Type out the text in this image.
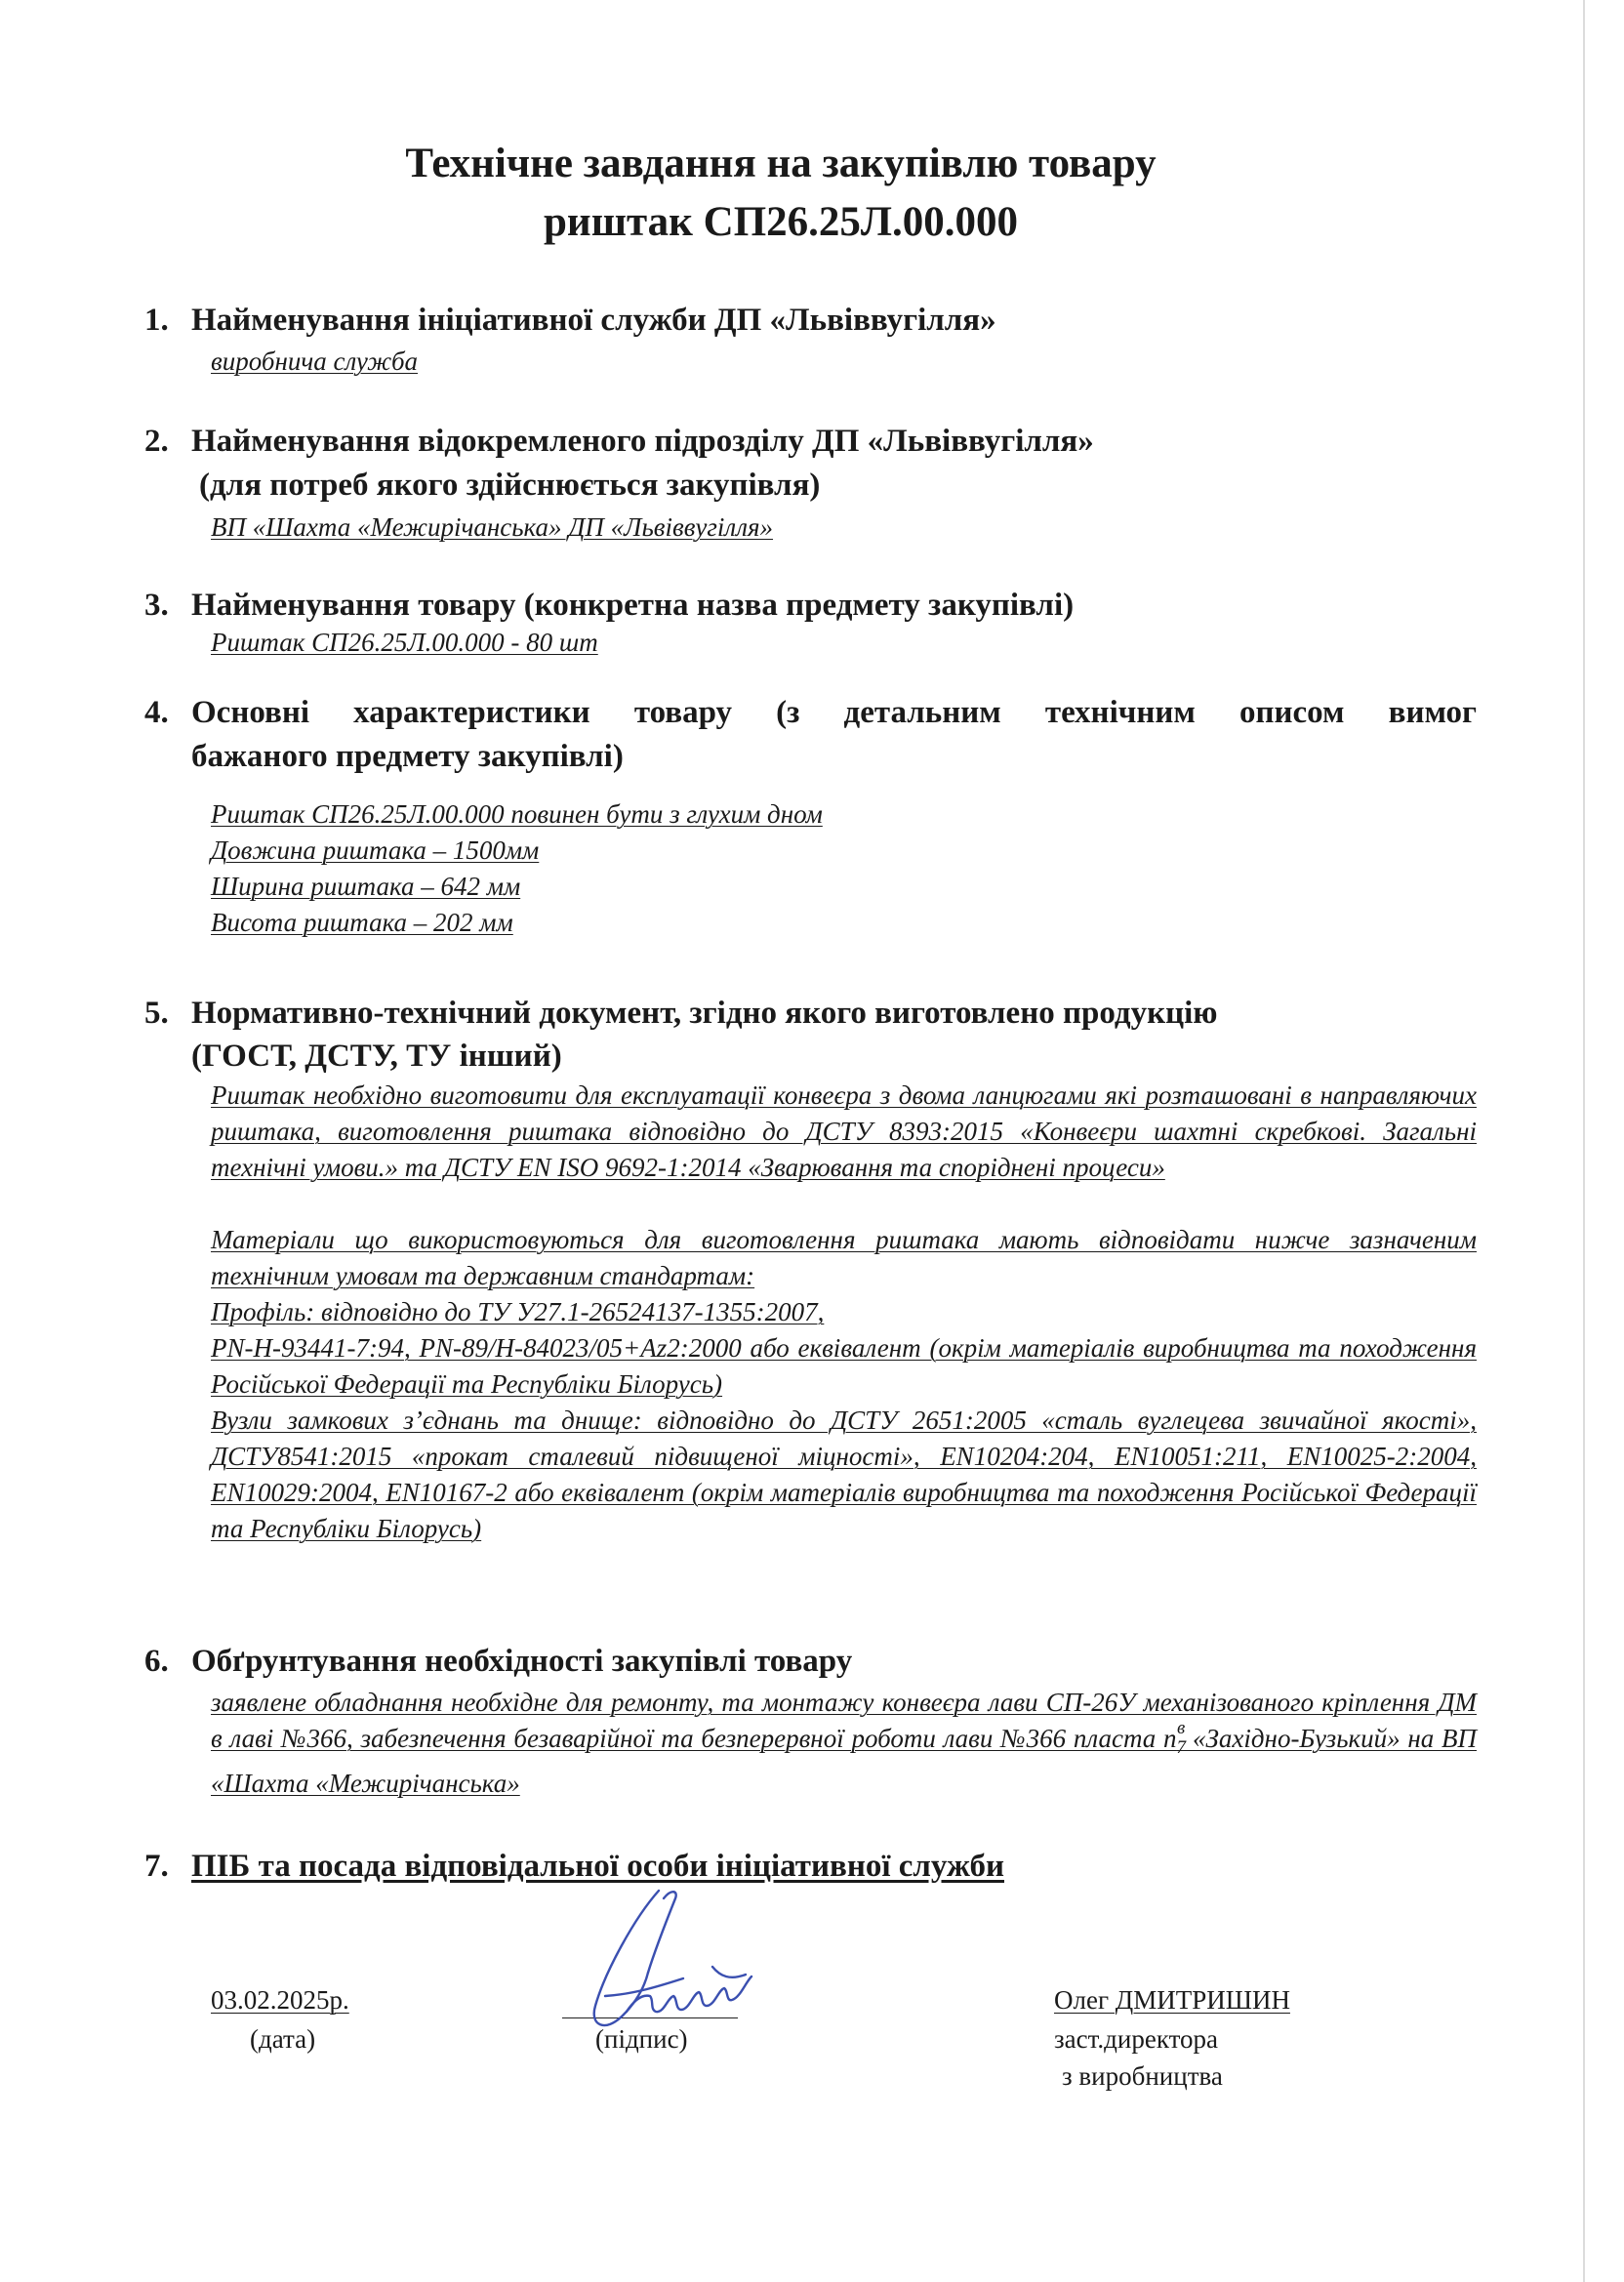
Технічне завдання на закупівлю товару
риштак СП26.25Л.00.000
1. Найменування ініціативної служби ДП «Львіввугілля»
виробнича служба
2. Найменування відокремленого підрозділу ДП «Львіввугілля»
(для потреб якого здійснюється закупівля)
ВП «Шахта «Межирічанська» ДП «Львіввугілля»
3. Найменування товару (конкретна назва предмету закупівлі)
Риштак СП26.25Л.00.000 - 80 шт
4. Основні характеристики товару (з детальним технічним описом вимог
бажаного предмету закупівлі)
Риштак СП26.25Л.00.000 повинен бути з глухим дном
Довжина риштака – 1500мм
Ширина риштака – 642 мм
Висота риштака – 202 мм
5. Нормативно-технічний документ, згідно якого виготовлено продукцію
(ГОСТ, ДСТУ, ТУ інший)
Риштак необхідно виготовити для експлуатації конвеєра з двома ланцюгами які розташовані в направляючих риштака, виготовлення риштака відповідно до ДСТУ 8393:2015 «Конвеєри шахтні скребкові. Загальні технічні умови.» та ДСТУ EN ISO 9692-1:2014 «Зварювання та споріднені процеси»
Матеріали що використовуються для виготовлення риштака мають відповідати нижче зазначеним технічним умовам та державним стандартам:
Профіль: відповідно до ТУ У27.1-26524137-1355:2007,
PN-H-93441-7:94, PN-89/H-84023/05+Az2:2000 або еквівалент (окрім матеріалів виробництва та походження Російської Федерації та Республіки Білорусь)
Вузли замкових з’єднань та днище: відповідно до ДСТУ 2651:2005 «сталь вуглецева звичайної якості», ДСТУ8541:2015 «прокат сталевий підвищеної міцності», EN10204:204, EN10051:211, EN10025-2:2004, EN10029:2004, EN10167-2 або еквівалент (окрім матеріалів виробництва та походження Російської Федерації та Республіки Білорусь)
6. Обґрунтування необхідності закупівлі товару
заявлене обладнання необхідне для ремонту, та монтажу конвеєра лави СП-26У механізованого кріплення ДМ в лаві №366, забезпечення безаварійної та безперервної роботи лави №366 пласта $п_7^в$ «Західно-Бузький» на ВП «Шахта «Межирічанська»
7. ПІБ та посада відповідальної особи ініціативної служби
03.02.2025р.
(дата)	(підпис)
Олег ДМИТРИШИН
заст.директора
з виробництва
